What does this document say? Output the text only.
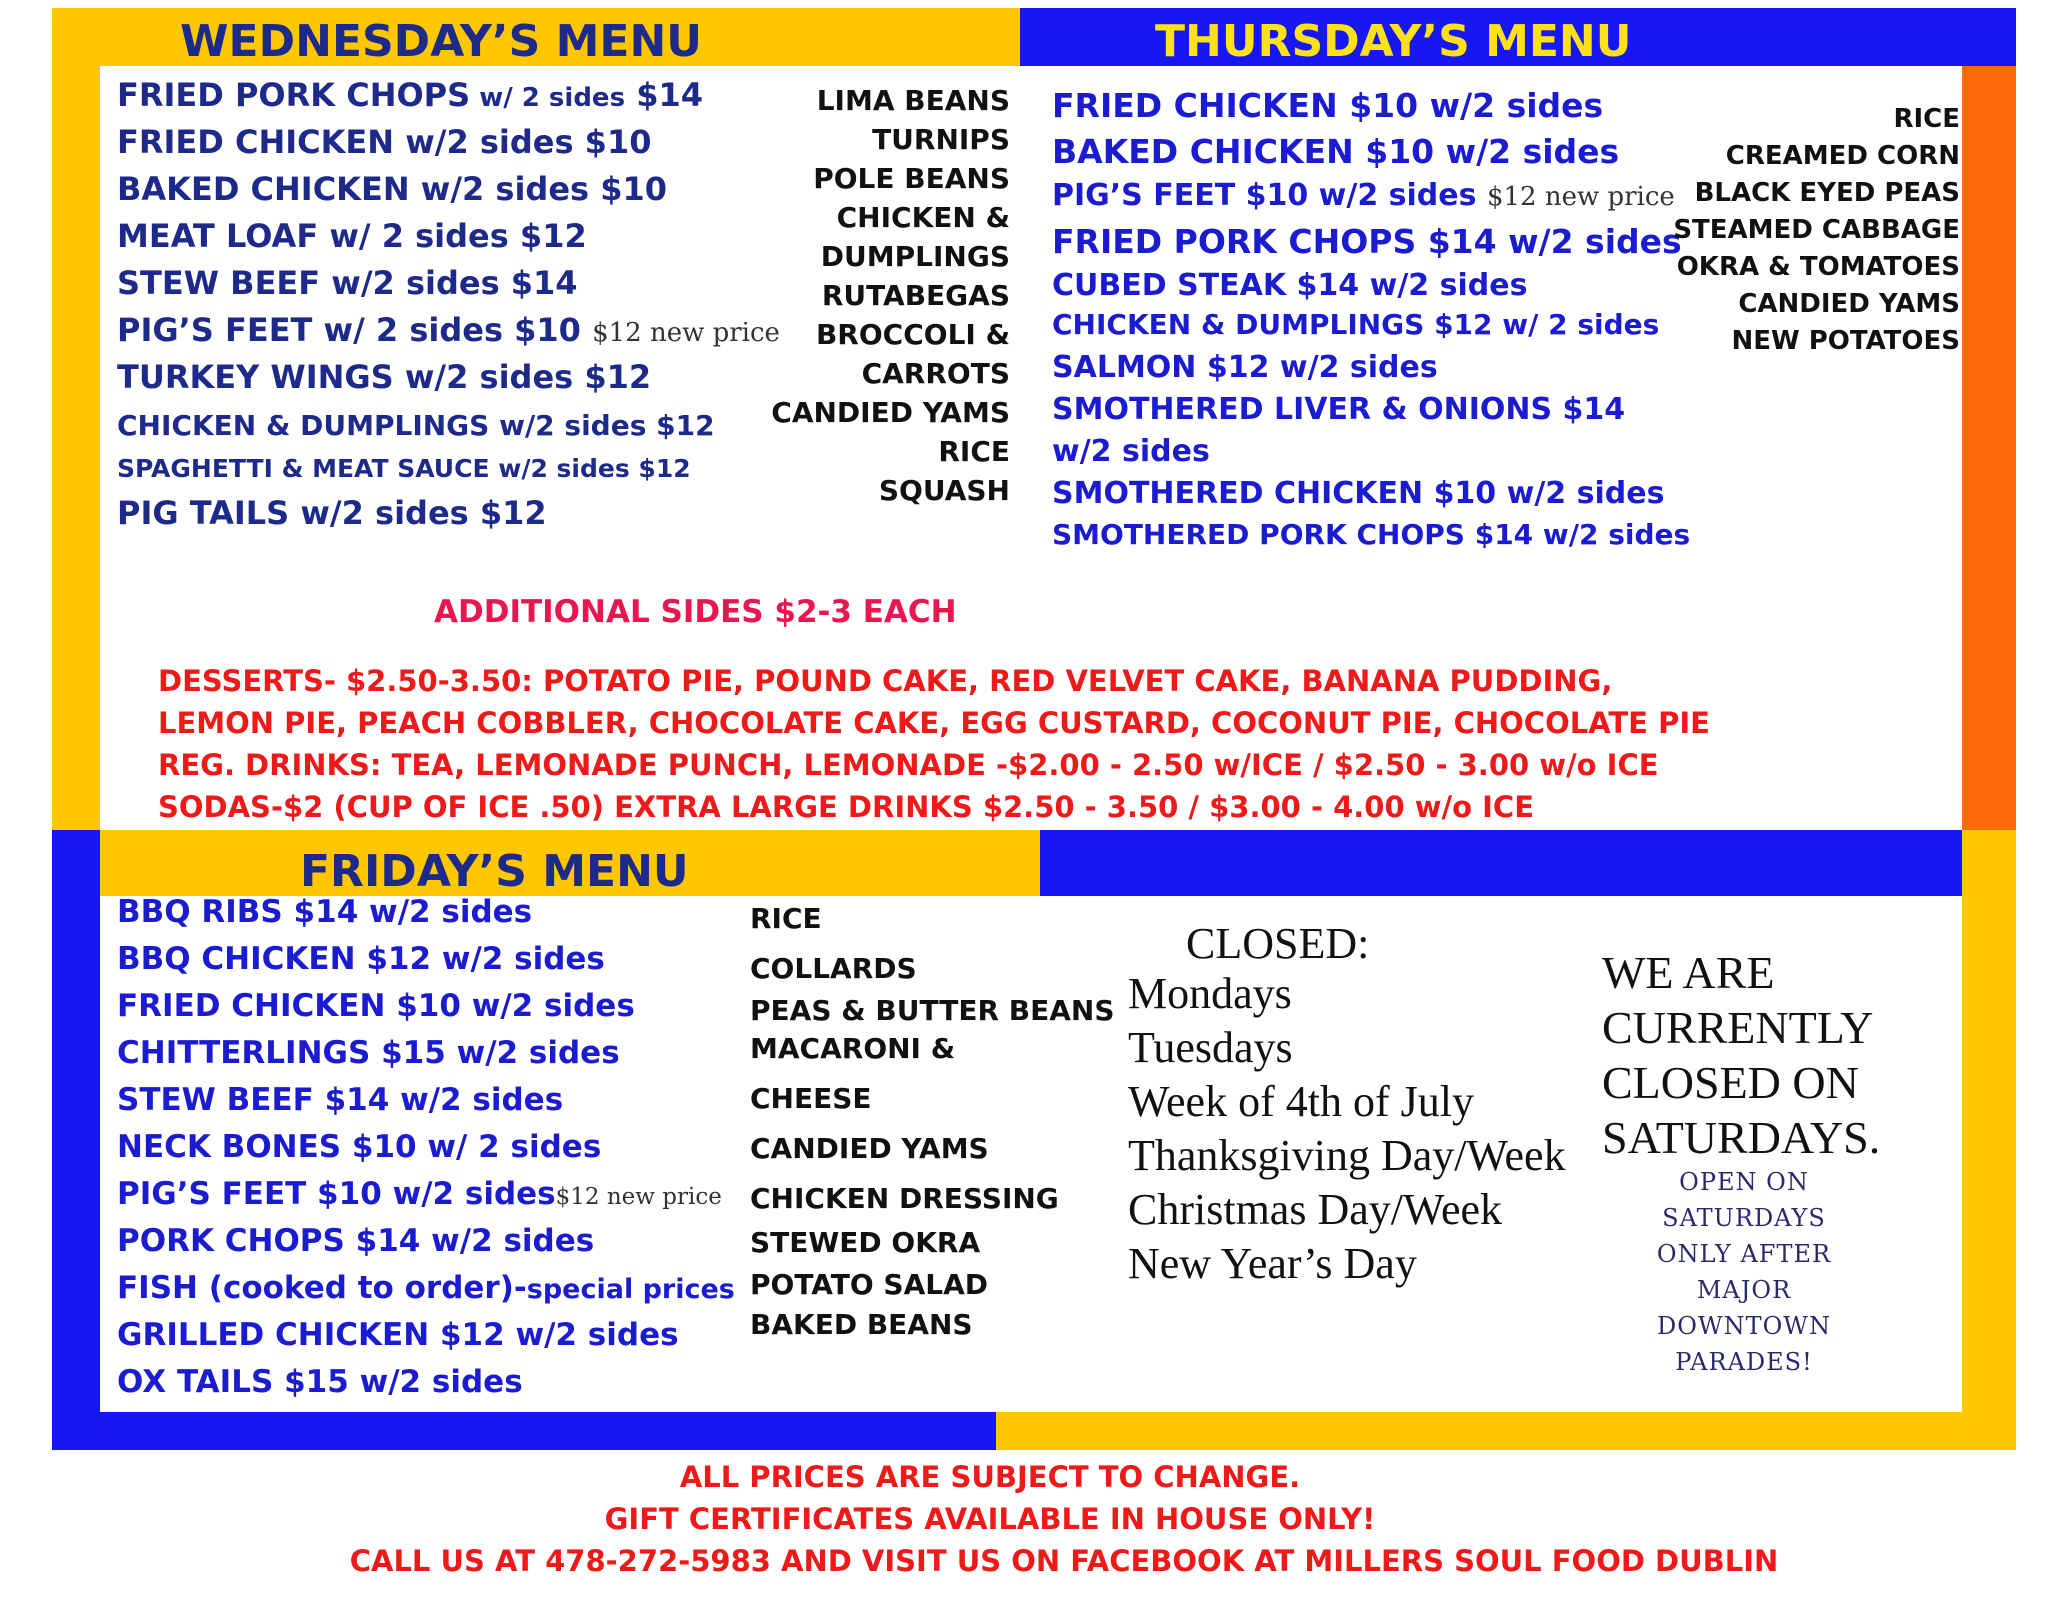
WEDNESDAY’S MENU	THURSDAY’S MENU
FRIED PORK CHOPS w/ 2 sides $14
FRIED CHICKEN w/2 sides $10
BAKED CHICKEN w/2 sides $10
MEAT LOAF w/ 2 sides $12
STEW BEEF w/2 sides $14
PIG’S FEET w/ 2 sides $10 $12 new price
TURKEY WINGS w/2 sides $12
CHICKEN & DUMPLINGS w/2 sides $12
SPAGHETTI & MEAT SAUCE w/2 sides $12
PIG TAILS w/2 sides $12
LIMA BEANS
TURNIPS
POLE BEANS
CHICKEN &
DUMPLINGS
RUTABEGAS
BROCCOLI &
CARROTS
CANDIED YAMS
RICE
SQUASH
FRIED CHICKEN $10 w/2 sides
BAKED CHICKEN $10 w/2 sides
PIG’S FEET $10 w/2 sides $12 new price
FRIED PORK CHOPS $14 w/2 sides
CUBED STEAK $14 w/2 sides
CHICKEN & DUMPLINGS $12 w/ 2 sides
SALMON $12 w/2 sides
SMOTHERED LIVER & ONIONS $14
w/2 sides
SMOTHERED CHICKEN $10 w/2 sides
SMOTHERED PORK CHOPS $14 w/2 sides
RICE
CREAMED CORN
BLACK EYED PEAS
STEAMED CABBAGE
OKRA & TOMATOES
CANDIED YAMS
NEW POTATOES
ADDITIONAL SIDES $2-3 EACH
DESSERTS- $2.50-3.50: POTATO PIE, POUND CAKE, RED VELVET CAKE, BANANA PUDDING,
LEMON PIE, PEACH COBBLER, CHOCOLATE CAKE, EGG CUSTARD, COCONUT PIE, CHOCOLATE PIE
REG. DRINKS: TEA, LEMONADE PUNCH, LEMONADE -$2.00 - 2.50 w/ICE / $2.50 - 3.00 w/o ICE
SODAS-$2 (CUP OF ICE .50) EXTRA LARGE DRINKS $2.50 - 3.50 / $3.00 - 4.00 w/o ICE
FRIDAY’S MENU
BBQ RIBS $14 w/2 sides
BBQ CHICKEN $12 w/2 sides
FRIED CHICKEN $10 w/2 sides
CHITTERLINGS $15 w/2 sides
STEW BEEF $14 w/2 sides
NECK BONES $10 w/ 2 sides
PIG’S FEET $10 w/2 sides$12 new price
PORK CHOPS $14 w/2 sides
FISH (cooked to order)-special prices
GRILLED CHICKEN $12 w/2 sides
OX TAILS $15 w/2 sides
RICE
COLLARDS
PEAS & BUTTER BEANS
MACARONI &
CHEESE
CANDIED YAMS
CHICKEN DRESSING
STEWED OKRA
POTATO SALAD
BAKED BEANS
CLOSED:
Mondays
Tuesdays
Week of 4th of July
Thanksgiving Day/Week
Christmas Day/Week
New Year’s Day
WE ARE
CURRENTLY
CLOSED ON
SATURDAYS.
OPEN ON
SATURDAYS
ONLY AFTER
MAJOR
DOWNTOWN
PARADES!
ALL PRICES ARE SUBJECT TO CHANGE.
GIFT CERTIFICATES AVAILABLE IN HOUSE ONLY!
CALL US AT 478-272-5983 AND VISIT US ON FACEBOOK AT MILLERS SOUL FOOD DUBLIN
